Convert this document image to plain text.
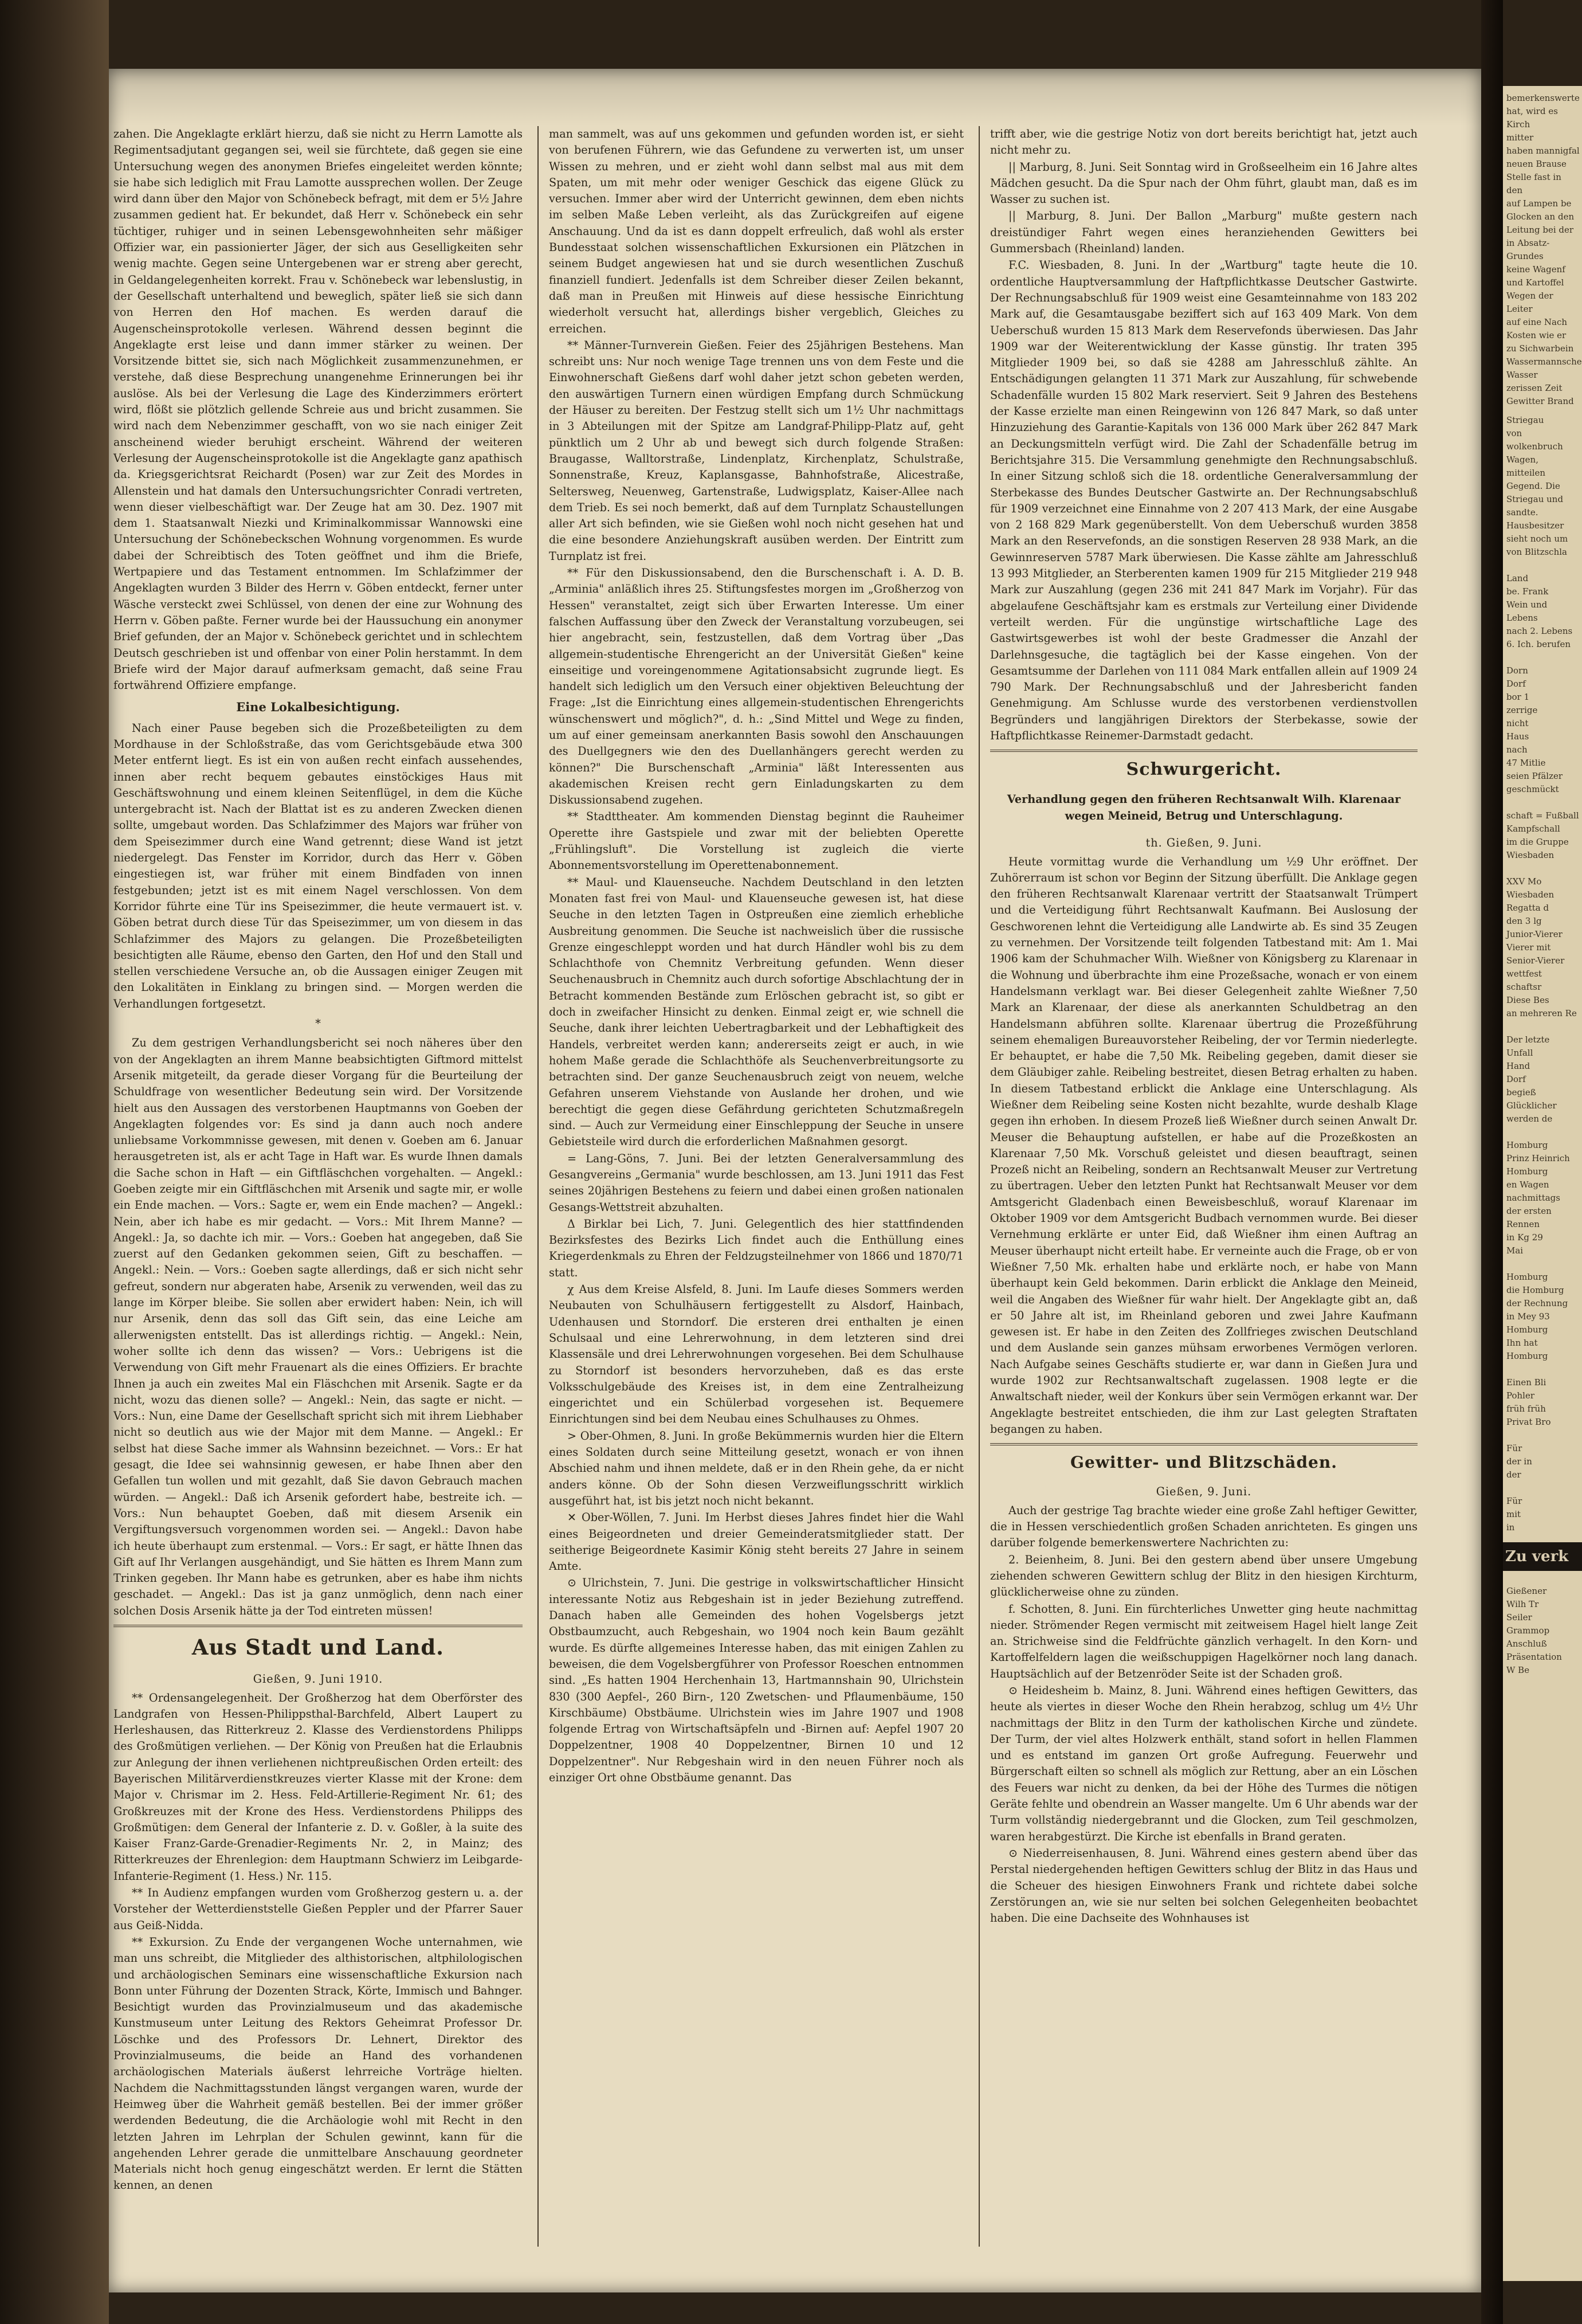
zahen. Die Angeklagte erklärt hierzu, daß sie nicht zu Herrn Lamotte als Regimentsadjutant gegangen sei, weil sie fürchtete, daß gegen sie eine Untersuchung wegen des anonymen Briefes eingeleitet werden könnte; sie habe sich lediglich mit Frau Lamotte aussprechen wollen. Der Zeuge wird dann über den Major von Schönebeck befragt, mit dem er 5½ Jahre zusammen gedient hat. Er bekundet, daß Herr v. Schönebeck ein sehr tüchtiger, ruhiger und in seinen Lebensgewohnheiten sehr mäßiger Offizier war, ein passionierter Jäger, der sich aus Geselligkeiten sehr wenig machte. Gegen seine Untergebenen war er streng aber gerecht, in Geldangelegenheiten korrekt. Frau v. Schönebeck war lebenslustig, in der Gesellschaft unterhaltend und beweglich, später ließ sie sich dann von Herren den Hof machen. Es werden darauf die Augenscheinsprotokolle verlesen. Während dessen beginnt die Angeklagte erst leise und dann immer stärker zu weinen. Der Vorsitzende bittet sie, sich nach Möglichkeit zusammenzunehmen, er verstehe, daß diese Besprechung unangenehme Erinnerungen bei ihr auslöse. Als bei der Verlesung die Lage des Kinderzimmers erörtert wird, flößt sie plötzlich gellende Schreie aus und bricht zusammen. Sie wird nach dem Nebenzimmer geschafft, von wo sie nach einiger Zeit anscheinend wieder beruhigt erscheint. Während der weiteren Verlesung der Augenscheinsprotokolle ist die Angeklagte ganz apathisch da. Kriegsgerichtsrat Reichardt (Posen) war zur Zeit des Mordes in Allenstein und hat damals den Untersuchungsrichter Conradi vertreten, wenn dieser vielbeschäftigt war. Der Zeuge hat am 30. Dez. 1907 mit dem 1. Staatsanwalt Niezki und Kriminalkommissar Wannowski eine Untersuchung der Schönebeckschen Wohnung vorgenommen. Es wurde dabei der Schreibtisch des Toten geöffnet und ihm die Briefe, Wertpapiere und das Testament entnommen. Im Schlafzimmer der Angeklagten wurden 3 Bilder des Herrn v. Göben entdeckt, ferner unter Wäsche versteckt zwei Schlüssel, von denen der eine zur Wohnung des Herrn v. Göben paßte. Ferner wurde bei der Haussuchung ein anonymer Brief gefunden, der an Major v. Schönebeck gerichtet und in schlechtem Deutsch geschrieben ist und offenbar von einer Polin herstammt. In dem Briefe wird der Major darauf aufmerksam gemacht, daß seine Frau fortwährend Offiziere empfange.

Eine Lokalbesichtigung.

Nach einer Pause begeben sich die Prozeßbeteiligten zu dem Mordhause in der Schloßstraße, das vom Gerichtsgebäude etwa 300 Meter entfernt liegt. Es ist ein von außen recht einfach aussehendes, innen aber recht bequem gebautes einstöckiges Haus mit Geschäftswohnung und einem kleinen Seitenflügel, in dem die Küche untergebracht ist. Nach der Blattat ist es zu anderen Zwecken dienen sollte, umgebaut worden. Das Schlafzimmer des Majors war früher von dem Speisezimmer durch eine Wand getrennt; diese Wand ist jetzt niedergelegt. Das Fenster im Korridor, durch das Herr v. Göben eingestiegen ist, war früher mit einem Bindfaden von innen festgebunden; jetzt ist es mit einem Nagel verschlossen. Von dem Korridor führte eine Tür ins Speisezimmer, die heute vermauert ist. v. Göben betrat durch diese Tür das Speisezimmer, um von diesem in das Schlafzimmer des Majors zu gelangen. Die Prozeßbeteiligten besichtigten alle Räume, ebenso den Garten, den Hof und den Stall und stellen verschiedene Versuche an, ob die Aussagen einiger Zeugen mit den Lokalitäten in Einklang zu bringen sind. — Morgen werden die Verhandlungen fortgesetzt.

*

Zu dem gestrigen Verhandlungsbericht sei noch näheres über den von der Angeklagten an ihrem Manne beabsichtigten Giftmord mittelst Arsenik mitgeteilt, da gerade dieser Vorgang für die Beurteilung der Schuldfrage von wesentlicher Bedeutung sein wird. Der Vorsitzende hielt aus den Aussagen des verstorbenen Hauptmanns von Goeben der Angeklagten folgendes vor: Es sind ja dann auch noch andere unliebsame Vorkommnisse gewesen, mit denen v. Goeben am 6. Januar herausgetreten ist, als er acht Tage in Haft war. Es wurde Ihnen damals die Sache schon in Haft — ein Giftfläschchen vorgehalten. — Angekl.: Goeben zeigte mir ein Giftfläschchen mit Arsenik und sagte mir, er wolle ein Ende machen. — Vors.: Sagte er, wem ein Ende machen? — Angekl.: Nein, aber ich habe es mir gedacht. — Vors.: Mit Ihrem Manne? — Angekl.: Ja, so dachte ich mir. — Vors.: Goeben hat angegeben, daß Sie zuerst auf den Gedanken gekommen seien, Gift zu beschaffen. — Angekl.: Nein. — Vors.: Goeben sagte allerdings, daß er sich nicht sehr gefreut, sondern nur abgeraten habe, Arsenik zu verwenden, weil das zu lange im Körper bleibe. Sie sollen aber erwidert haben: Nein, ich will nur Arsenik, denn das soll das Gift sein, das eine Leiche am allerwenigsten entstellt. Das ist allerdings richtig. — Angekl.: Nein, woher sollte ich denn das wissen? — Vors.: Uebrigens ist die Verwendung von Gift mehr Frauenart als die eines Offiziers. Er brachte Ihnen ja auch ein zweites Mal ein Fläschchen mit Arsenik. Sagte er da nicht, wozu das dienen solle? — Angekl.: Nein, das sagte er nicht. — Vors.: Nun, eine Dame der Gesellschaft spricht sich mit ihrem Liebhaber nicht so deutlich aus wie der Major mit dem Manne. — Angekl.: Er selbst hat diese Sache immer als Wahnsinn bezeichnet. — Vors.: Er hat gesagt, die Idee sei wahnsinnig gewesen, er habe Ihnen aber den Gefallen tun wollen und mit gezahlt, daß Sie davon Gebrauch machen würden. — Angekl.: Daß ich Arsenik gefordert habe, bestreite ich. — Vors.: Nun behauptet Goeben, daß mit diesem Arsenik ein Vergiftungsversuch vorgenommen worden sei. — Angekl.: Davon habe ich heute überhaupt zum erstenmal. — Vors.: Er sagt, er hätte Ihnen das Gift auf Ihr Verlangen ausgehändigt, und Sie hätten es Ihrem Mann zum Trinken gegeben. Ihr Mann habe es getrunken, aber es habe ihm nichts geschadet. — Angekl.: Das ist ja ganz unmöglich, denn nach einer solchen Dosis Arsenik hätte ja der Tod eintreten müssen!

Aus Stadt und Land.

Gießen, 9. Juni 1910.

** Ordensangelegenheit. Der Großherzog hat dem Oberförster des Landgrafen von Hessen-Philippsthal-Barchfeld, Albert Laupert zu Herleshausen, das Ritterkreuz 2. Klasse des Verdienstordens Philipps des Großmütigen verliehen. — Der König von Preußen hat die Erlaubnis zur Anlegung der ihnen verliehenen nichtpreußischen Orden erteilt: des Bayerischen Militärverdienstkreuzes vierter Klasse mit der Krone: dem Major v. Chrismar im 2. Hess. Feld-Artillerie-Regiment Nr. 61; des Großkreuzes mit der Krone des Hess. Verdienstordens Philipps des Großmütigen: dem General der Infanterie z. D. v. Goßler, à la suite des Kaiser Franz-Garde-Grenadier-Regiments Nr. 2, in Mainz; des Ritterkreuzes der Ehrenlegion: dem Hauptmann Schwierz im Leibgarde-Infanterie-Regiment (1. Hess.) Nr. 115.

** In Audienz empfangen wurden vom Großherzog gestern u. a. der Vorsteher der Wetterdienststelle Gießen Peppler und der Pfarrer Sauer aus Geiß-Nidda.

** Exkursion. Zu Ende der vergangenen Woche unternahmen, wie man uns schreibt, die Mitglieder des althistorischen, altphilologischen und archäologischen Seminars eine wissenschaftliche Exkursion nach Bonn unter Führung der Dozenten Strack, Körte, Immisch und Bahnger. Besichtigt wurden das Provinzialmuseum und das akademische Kunstmuseum unter Leitung des Rektors Geheimrat Professor Dr. Löschke und des Professors Dr. Lehnert, Direktor des Provinzialmuseums, die beide an Hand des vorhandenen archäologischen Materials äußerst lehrreiche Vorträge hielten. Nachdem die Nachmittagsstunden längst vergangen waren, wurde der Heimweg über die Wahrheit gemäß bestellen. Bei der immer größer werdenden Bedeutung, die die Archäologie wohl mit Recht in den letzten Jahren im Lehrplan der Schulen gewinnt, kann für die angehenden Lehrer gerade die unmittelbare Anschauung geordneter Materials nicht hoch genug eingeschätzt werden. Er lernt die Stätten kennen, an denen

man sammelt, was auf uns gekommen und gefunden worden ist, er sieht von berufenen Führern, wie das Gefundene zu verwerten ist, um unser Wissen zu mehren, und er zieht wohl dann selbst mal aus mit dem Spaten, um mit mehr oder weniger Geschick das eigene Glück zu versuchen. Immer aber wird der Unterricht gewinnen, dem eben nichts im selben Maße Leben verleiht, als das Zurückgreifen auf eigene Anschauung. Und da ist es dann doppelt erfreulich, daß wohl als erster Bundesstaat solchen wissenschaftlichen Exkursionen ein Plätzchen in seinem Budget angewiesen hat und sie durch wesentlichen Zuschuß finanziell fundiert. Jedenfalls ist dem Schreiber dieser Zeilen bekannt, daß man in Preußen mit Hinweis auf diese hessische Einrichtung wiederholt versucht hat, allerdings bisher vergeblich, Gleiches zu erreichen.

** Männer-Turnverein Gießen. Feier des 25jährigen Bestehens. Man schreibt uns: Nur noch wenige Tage trennen uns von dem Feste und die Einwohnerschaft Gießens darf wohl daher jetzt schon gebeten werden, den auswärtigen Turnern einen würdigen Empfang durch Schmückung der Häuser zu bereiten. Der Festzug stellt sich um 1½ Uhr nachmittags in 3 Abteilungen mit der Spitze am Landgraf-Philipp-Platz auf, geht pünktlich um 2 Uhr ab und bewegt sich durch folgende Straßen: Braugasse, Walltorstraße, Lindenplatz, Kirchenplatz, Schulstraße, Sonnenstraße, Kreuz, Kaplansgasse, Bahnhofstraße, Alicestraße, Seltersweg, Neuenweg, Gartenstraße, Ludwigsplatz, Kaiser-Allee nach dem Trieb. Es sei noch bemerkt, daß auf dem Turnplatz Schaustellungen aller Art sich befinden, wie sie Gießen wohl noch nicht gesehen hat und die eine besondere Anziehungskraft ausüben werden. Der Eintritt zum Turnplatz ist frei.

** Für den Diskussionsabend, den die Burschenschaft i. A. D. B. „Arminia" anläßlich ihres 25. Stiftungsfestes morgen im „Großherzog von Hessen" veranstaltet, zeigt sich über Erwarten Interesse. Um einer falschen Auffassung über den Zweck der Veranstaltung vorzubeugen, sei hier angebracht, sein, festzustellen, daß dem Vortrag über „Das allgemein-studentische Ehrengericht an der Universität Gießen" keine einseitige und voreingenommene Agitationsabsicht zugrunde liegt. Es handelt sich lediglich um den Versuch einer objektiven Beleuchtung der Frage: „Ist die Einrichtung eines allgemein-studentischen Ehrengerichts wünschenswert und möglich?", d. h.: „Sind Mittel und Wege zu finden, um auf einer gemeinsam anerkannten Basis sowohl den Anschauungen des Duellgegners wie den des Duellanhängers gerecht werden zu können?" Die Burschenschaft „Arminia" läßt Interessenten aus akademischen Kreisen recht gern Einladungskarten zu dem Diskussionsabend zugehen.

** Stadttheater. Am kommenden Dienstag beginnt die Rauheimer Operette ihre Gastspiele und zwar mit der beliebten Operette „Frühlingsluft". Die Vorstellung ist zugleich die vierte Abonnementsvorstellung im Operettenabonnement.

** Maul- und Klauenseuche. Nachdem Deutschland in den letzten Monaten fast frei von Maul- und Klauenseuche gewesen ist, hat diese Seuche in den letzten Tagen in Ostpreußen eine ziemlich erhebliche Ausbreitung genommen. Die Seuche ist nachweislich über die russische Grenze eingeschleppt worden und hat durch Händler wohl bis zu dem Schlachthofe von Chemnitz Verbreitung gefunden. Wenn dieser Seuchenausbruch in Chemnitz auch durch sofortige Abschlachtung der in Betracht kommenden Bestände zum Erlöschen gebracht ist, so gibt er doch in zweifacher Hinsicht zu denken. Einmal zeigt er, wie schnell die Seuche, dank ihrer leichten Uebertragbarkeit und der Lebhaftigkeit des Handels, verbreitet werden kann; andererseits zeigt er auch, in wie hohem Maße gerade die Schlachthöfe als Seuchenverbreitungsorte zu betrachten sind. Der ganze Seuchenausbruch zeigt von neuem, welche Gefahren unserem Viehstande von Auslande her drohen, und wie berechtigt die gegen diese Gefährdung gerichteten Schutzmaßregeln sind. — Auch zur Vermeidung einer Einschleppung der Seuche in unsere Gebietsteile wird durch die erforderlichen Maßnahmen gesorgt.

= Lang-Göns, 7. Juni. Bei der letzten Generalversammlung des Gesangvereins „Germania" wurde beschlossen, am 13. Juni 1911 das Fest seines 20jährigen Bestehens zu feiern und dabei einen großen nationalen Gesangs-Wettstreit abzuhalten.

Δ Birklar bei Lich, 7. Juni. Gelegentlich des hier stattfindenden Bezirksfestes des Bezirks Lich findet auch die Enthüllung eines Kriegerdenkmals zu Ehren der Feldzugsteilnehmer von 1866 und 1870/71 statt.

χ Aus dem Kreise Alsfeld, 8. Juni. Im Laufe dieses Sommers werden Neubauten von Schulhäusern fertiggestellt zu Alsdorf, Hainbach, Udenhausen und Storndorf. Die ersteren drei enthalten je einen Schulsaal und eine Lehrerwohnung, in dem letzteren sind drei Klassensäle und drei Lehrerwohnungen vorgesehen. Bei dem Schulhause zu Storndorf ist besonders hervorzuheben, daß es das erste Volksschulgebäude des Kreises ist, in dem eine Zentralheizung eingerichtet und ein Schülerbad vorgesehen ist. Bequemere Einrichtungen sind bei dem Neubau eines Schulhauses zu Ohmes.

> Ober-Ohmen, 8. Juni. In große Bekümmernis wurden hier die Eltern eines Soldaten durch seine Mitteilung gesetzt, wonach er von ihnen Abschied nahm und ihnen meldete, daß er in den Rhein gehe, da er nicht anders könne. Ob der Sohn diesen Verzweiflungsschritt wirklich ausgeführt hat, ist bis jetzt noch nicht bekannt.

✕ Ober-Wöllen, 7. Juni. Im Herbst dieses Jahres findet hier die Wahl eines Beigeordneten und dreier Gemeinderatsmitglieder statt. Der seitherige Beigeordnete Kasimir König steht bereits 27 Jahre in seinem Amte.

⊙ Ulrichstein, 7. Juni. Die gestrige in volkswirtschaftlicher Hinsicht interessante Notiz aus Rebgeshain ist in jeder Beziehung zutreffend. Danach haben alle Gemeinden des hohen Vogelsbergs jetzt Obstbaumzucht, auch Rebgeshain, wo 1904 noch kein Baum gezählt wurde. Es dürfte allgemeines Interesse haben, das mit einigen Zahlen zu beweisen, die dem Vogelsbergführer von Professor Roeschen entnommen sind. „Es hatten 1904 Herchenhain 13, Hartmannshain 90, Ulrichstein 830 (300 Aepfel-, 260 Birn-, 120 Zwetschen- und Pflaumenbäume, 150 Kirschbäume) Obstbäume. Ulrichstein wies im Jahre 1907 und 1908 folgende Ertrag von Wirtschaftsäpfeln und -Birnen auf: Aepfel 1907 20 Doppelzentner, 1908 40 Doppelzentner, Birnen 10 und 12 Doppelzentner". Nur Rebgeshain wird in den neuen Führer noch als einziger Ort ohne Obstbäume genannt. Das

trifft aber, wie die gestrige Notiz von dort bereits berichtigt hat, jetzt auch nicht mehr zu.

|| Marburg, 8. Juni. Seit Sonntag wird in Großseelheim ein 16 Jahre altes Mädchen gesucht. Da die Spur nach der Ohm führt, glaubt man, daß es im Wasser zu suchen ist.

|| Marburg, 8. Juni. Der Ballon „Marburg" mußte gestern nach dreistündiger Fahrt wegen eines heranziehenden Gewitters bei Gummersbach (Rheinland) landen.

F.C. Wiesbaden, 8. Juni. In der „Wartburg" tagte heute die 10. ordentliche Hauptversammlung der Haftpflichtkasse Deutscher Gastwirte. Der Rechnungsabschluß für 1909 weist eine Gesamteinnahme von 183 202 Mark auf, die Gesamtausgabe beziffert sich auf 163 409 Mark. Von dem Ueberschuß wurden 15 813 Mark dem Reservefonds überwiesen. Das Jahr 1909 war der Weiterentwicklung der Kasse günstig. Ihr traten 395 Mitglieder 1909 bei, so daß sie 4288 am Jahresschluß zählte. An Entschädigungen gelangten 11 371 Mark zur Auszahlung, für schwebende Schadenfälle wurden 15 802 Mark reserviert. Seit 9 Jahren des Bestehens der Kasse erzielte man einen Reingewinn von 126 847 Mark, so daß unter Hinzuziehung des Garantie-Kapitals von 136 000 Mark über 262 847 Mark an Deckungsmitteln verfügt wird. Die Zahl der Schadenfälle betrug im Berichtsjahre 315. Die Versammlung genehmigte den Rechnungsabschluß. In einer Sitzung schloß sich die 18. ordentliche Generalversammlung der Sterbekasse des Bundes Deutscher Gastwirte an. Der Rechnungsabschluß für 1909 verzeichnet eine Einnahme von 2 207 413 Mark, der eine Ausgabe von 2 168 829 Mark gegenüberstellt. Von dem Ueberschuß wurden 3858 Mark an den Reservefonds, an die sonstigen Reserven 28 938 Mark, an die Gewinnreserven 5787 Mark überwiesen. Die Kasse zählte am Jahresschluß 13 993 Mitglieder, an Sterberenten kamen 1909 für 215 Mitglieder 219 948 Mark zur Auszahlung (gegen 236 mit 241 847 Mark im Vorjahr). Für das abgelaufene Geschäftsjahr kam es erstmals zur Verteilung einer Dividende verteilt werden. Für die ungünstige wirtschaftliche Lage des Gastwirtsgewerbes ist wohl der beste Gradmesser die Anzahl der Darlehnsgesuche, die tagtäglich bei der Kasse eingehen. Von der Gesamtsumme der Darlehen von 111 084 Mark entfallen allein auf 1909 24 790 Mark. Der Rechnungsabschluß und der Jahresbericht fanden Genehmigung. Am Schlusse wurde des verstorbenen verdienstvollen Begründers und langjährigen Direktors der Sterbekasse, sowie der Haftpflichtkasse Reinemer-Darmstadt gedacht.

Schwurgericht.

Verhandlung gegen den früheren Rechtsanwalt Wilh. Klarenaar wegen Meineid, Betrug und Unterschlagung.

th. Gießen, 9. Juni.

Heute vormittag wurde die Verhandlung um ½9 Uhr eröffnet. Der Zuhörerraum ist schon vor Beginn der Sitzung überfüllt. Die Anklage gegen den früheren Rechtsanwalt Klarenaar vertritt der Staatsanwalt Trümpert und die Verteidigung führt Rechtsanwalt Kaufmann. Bei Auslosung der Geschworenen lehnt die Verteidigung alle Landwirte ab. Es sind 35 Zeugen zu vernehmen. Der Vorsitzende teilt folgenden Tatbestand mit: Am 1. Mai 1906 kam der Schuhmacher Wilh. Wießner von Königsberg zu Klarenaar in die Wohnung und überbrachte ihm eine Prozeßsache, wonach er von einem Handelsmann verklagt war. Bei dieser Gelegenheit zahlte Wießner 7,50 Mark an Klarenaar, der diese als anerkannten Schuldbetrag an den Handelsmann abführen sollte. Klarenaar übertrug die Prozeßführung seinem ehemaligen Bureauvorsteher Reibeling, der vor Termin niederlegte. Er behauptet, er habe die 7,50 Mk. Reibeling gegeben, damit dieser sie dem Gläubiger zahle. Reibeling bestreitet, diesen Betrag erhalten zu haben. In diesem Tatbestand erblickt die Anklage eine Unterschlagung. Als Wießner dem Reibeling seine Kosten nicht bezahlte, wurde deshalb Klage gegen ihn erhoben. In diesem Prozeß ließ Wießner durch seinen Anwalt Dr. Meuser die Behauptung aufstellen, er habe auf die Prozeßkosten an Klarenaar 7,50 Mk. Vorschuß geleistet und diesen beauftragt, seinen Prozeß nicht an Reibeling, sondern an Rechtsanwalt Meuser zur Vertretung zu übertragen. Ueber den letzten Punkt hat Rechtsanwalt Meuser vor dem Amtsgericht Gladenbach einen Beweisbeschluß, worauf Klarenaar im Oktober 1909 vor dem Amtsgericht Budbach vernommen wurde. Bei dieser Vernehmung erklärte er unter Eid, daß Wießner ihm einen Auftrag an Meuser überhaupt nicht erteilt habe. Er verneinte auch die Frage, ob er von Wießner 7,50 Mk. erhalten habe und erklärte noch, er habe von Mann überhaupt kein Geld bekommen. Darin erblickt die Anklage den Meineid, weil die Angaben des Wießner für wahr hielt. Der Angeklagte gibt an, daß er 50 Jahre alt ist, im Rheinland geboren und zwei Jahre Kaufmann gewesen ist. Er habe in den Zeiten des Zollfrieges zwischen Deutschland und dem Auslande sein ganzes mühsam erworbenes Vermögen verloren. Nach Aufgabe seines Geschäfts studierte er, war dann in Gießen Jura und wurde 1902 zur Rechtsanwaltschaft zugelassen. 1908 legte er die Anwaltschaft nieder, weil der Konkurs über sein Vermögen erkannt war. Der Angeklagte bestreitet entschieden, die ihm zur Last gelegten Straftaten begangen zu haben.

Gewitter- und Blitzschäden.

Gießen, 9. Juni.

Auch der gestrige Tag brachte wieder eine große Zahl heftiger Gewitter, die in Hessen verschiedentlich großen Schaden anrichteten. Es gingen uns darüber folgende bemerkenswertere Nachrichten zu:

2. Beienheim, 8. Juni. Bei den gestern abend über unsere Umgebung ziehenden schweren Gewittern schlug der Blitz in den hiesigen Kirchturm, glücklicherweise ohne zu zünden.

f. Schotten, 8. Juni. Ein fürchterliches Unwetter ging heute nachmittag nieder. Strömender Regen vermischt mit zeitweisem Hagel hielt lange Zeit an. Strichweise sind die Feldfrüchte gänzlich verhagelt. In den Korn- und Kartoffelfeldern lagen die weißschuppigen Hagelkörner noch lang danach. Hauptsächlich auf der Betzenröder Seite ist der Schaden groß.

⊙ Heidesheim b. Mainz, 8. Juni. Während eines heftigen Gewitters, das heute als viertes in dieser Woche den Rhein herabzog, schlug um 4½ Uhr nachmittags der Blitz in den Turm der katholischen Kirche und zündete. Der Turm, der viel altes Holzwerk enthält, stand sofort in hellen Flammen und es entstand im ganzen Ort große Aufregung. Feuerwehr und Bürgerschaft eilten so schnell als möglich zur Rettung, aber an ein Löschen des Feuers war nicht zu denken, da bei der Höhe des Turmes die nötigen Geräte fehlte und obendrein an Wasser mangelte. Um 6 Uhr abends war der Turm vollständig niedergebrannt und die Glocken, zum Teil geschmolzen, waren herabgestürzt. Die Kirche ist ebenfalls in Brand geraten.

⊙ Niederreisenhausen, 8. Juni. Während eines gestern abend über das Perstal niedergehenden heftigen Gewitters schlug der Blitz in das Haus und die Scheuer des hiesigen Einwohners Frank und richtete dabei solche Zerstörungen an, wie sie nur selten bei solchen Gelegenheiten beobachtet haben. Die eine Dachseite des Wohnhauses ist

bemerkenswerte
hat, wird es
Kirch
mitter
haben mannigfal
neuen Brause
Stelle fast in den
auf Lampen be
Glocken an den
Leitung bei der
in Absatz-Grundes
keine Wagenf
und Kartoffel
Wegen der Leiter
auf eine Nach
Kosten wie er
zu Sichwarbein
Wassermannsche
Wasser
zerissen Zeit
Gewitter Brand
Striegau
von wolkenbruch
Wagen, mitteilen
Gegend. Die
Striegau und
sandte. Hausbesitzer
sieht noch um
von Blitzschla

Land
be. Frank
Wein und Lebens
nach 2. Lebens
6. Ich. berufen

Dorn
Dorf
bor 1
zerrige
nicht
Haus
nach
47 Mitlie
seien Pfälzer
geschmückt

schaft = Fußball
Kampfschall
im die Gruppe
Wiesbaden

XXV Mo
Wiesbaden
Regatta d
den 3 lg
Junior-Vierer
Vierer mit
Senior-Vierer
wettfest
schaftsr
Diese Bes
an mehreren Re

Der letzte
Unfall
Hand
Dorf
begieß
Glücklicher
werden de

Homburg
Prinz Heinrich
Homburg
en Wagen
nachmittags
der ersten Rennen
in Kg 29
Mai

Homburg
die Homburg
der Rechnung
in Mey 93
Homburg
Ihn hat
Homburg

Einen Bli
Pohler
früh früh
Privat Bro

Für
der in
der

Für
mit
in
Zu verk
Gießener
Wilh Tr
Seiler
Grammop
Anschluß
Präsentation
W Be
